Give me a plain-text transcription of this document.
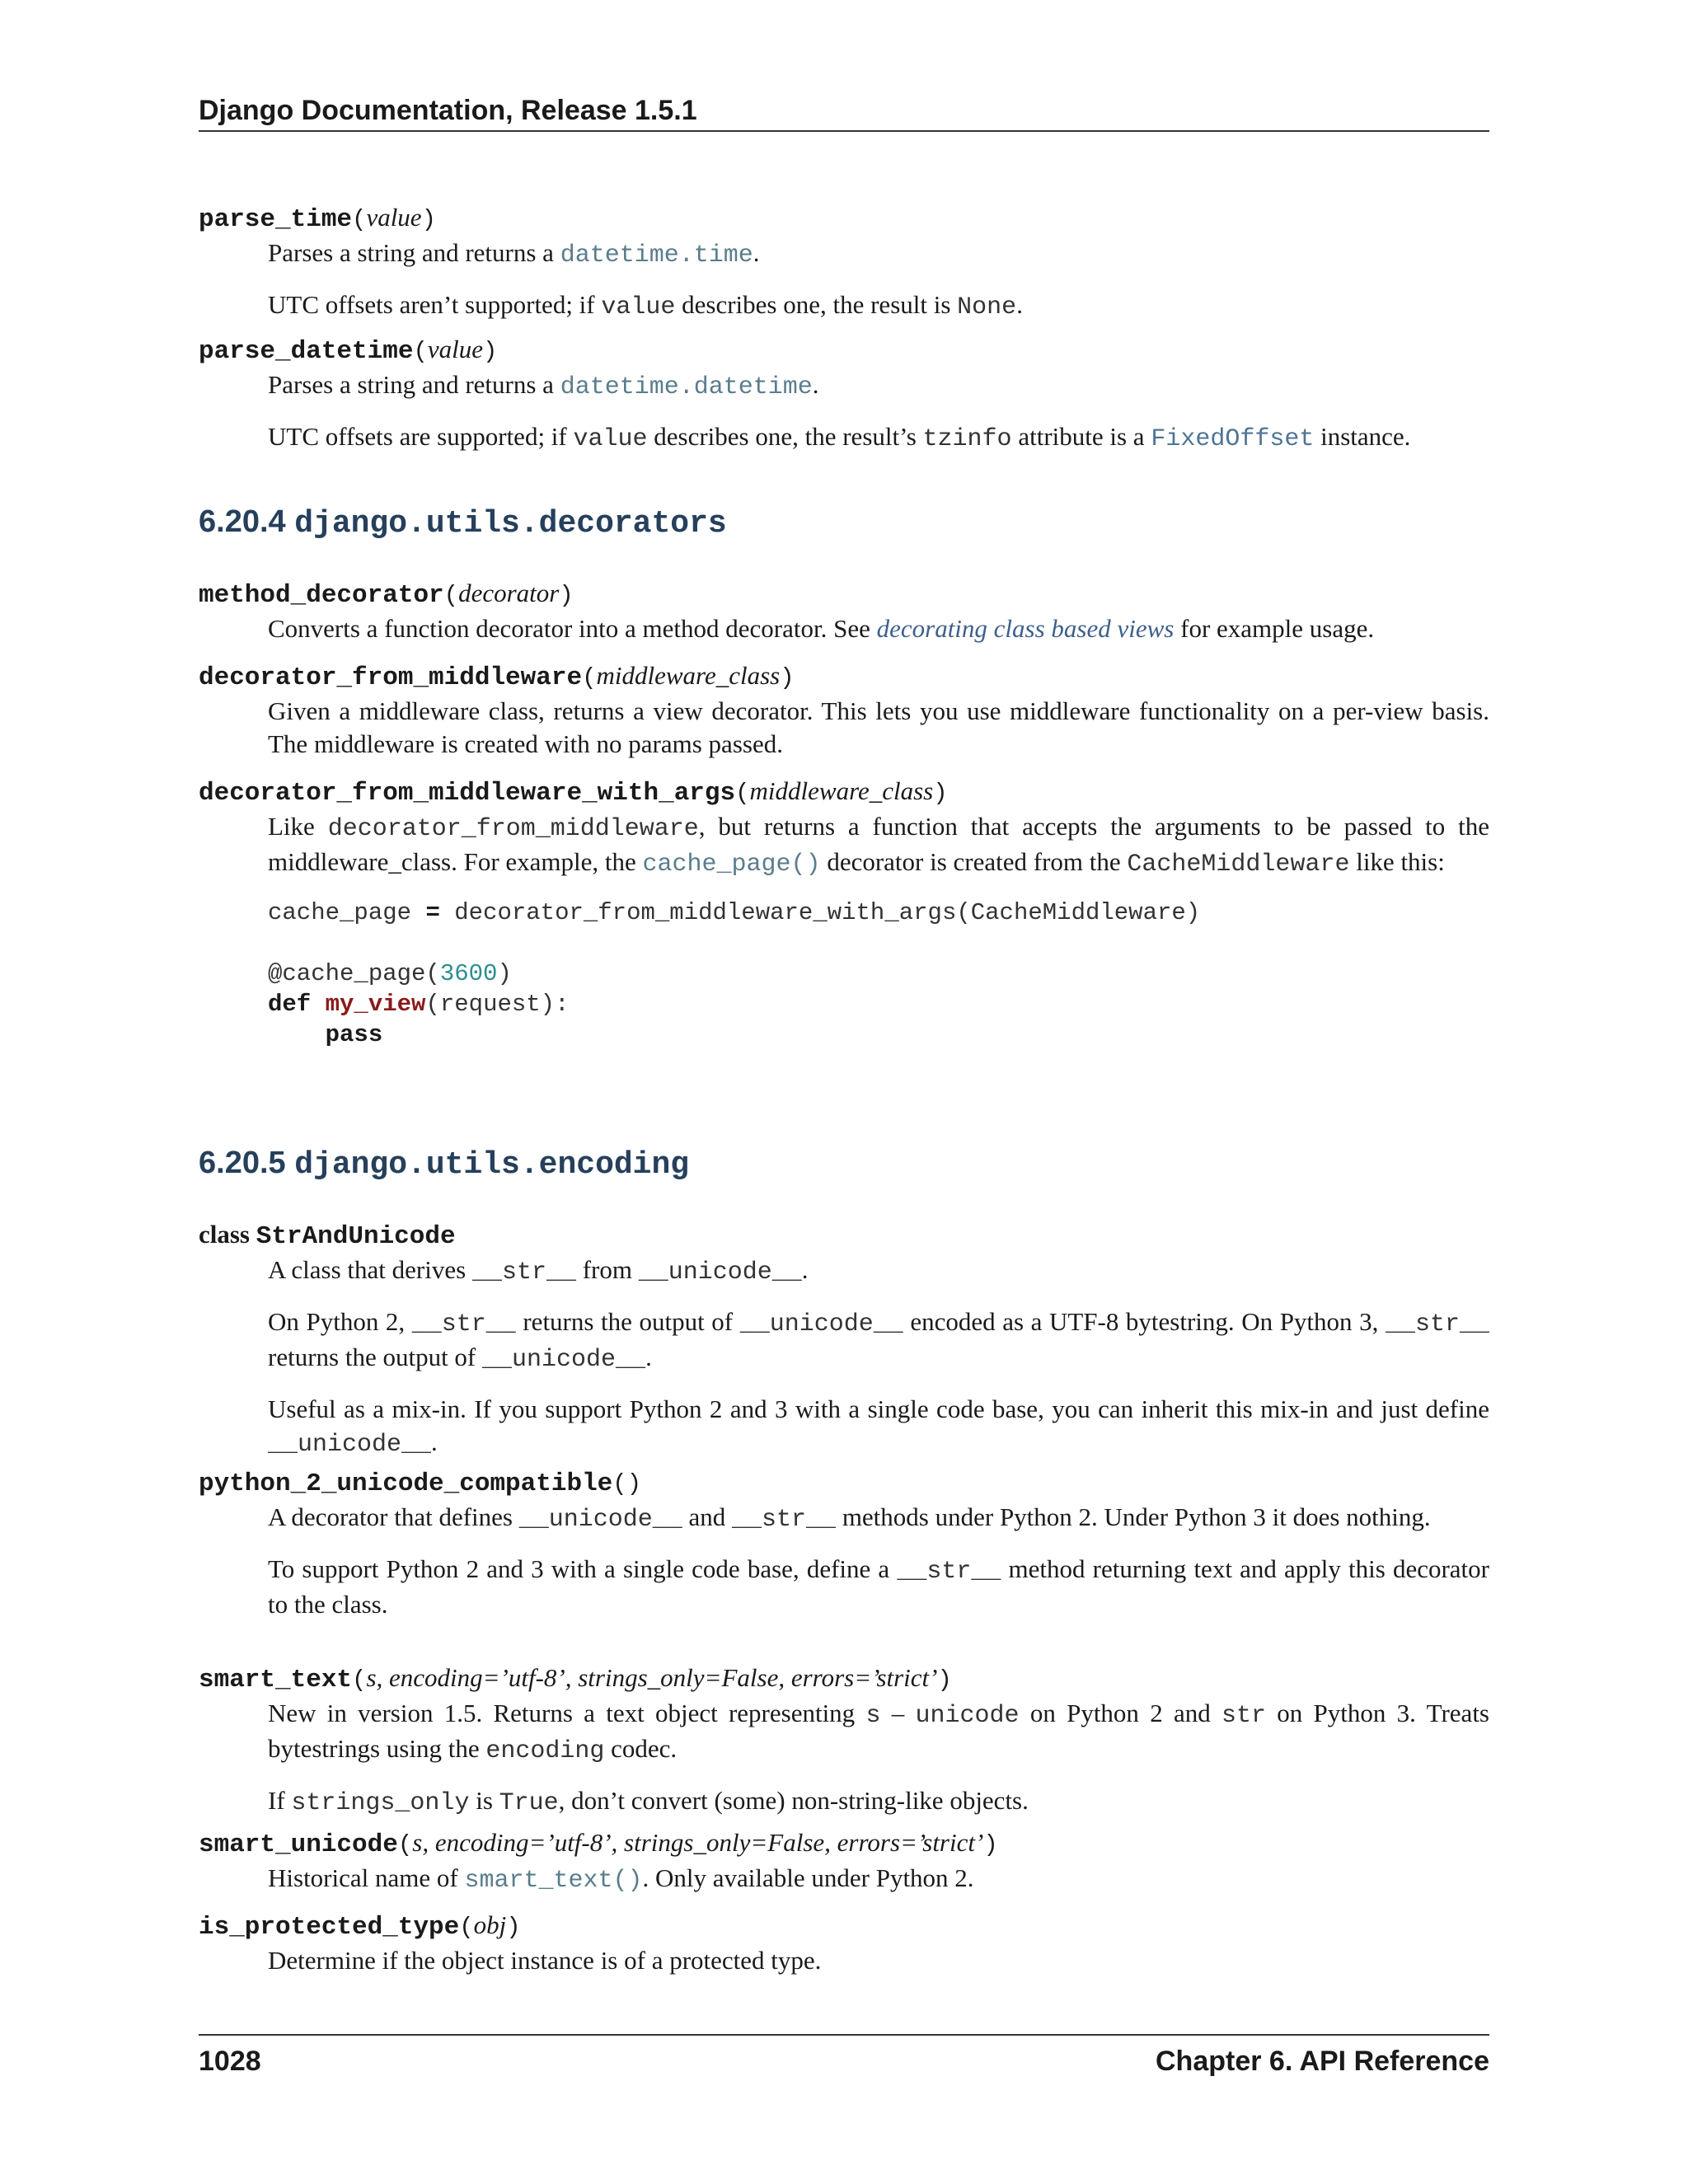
Django Documentation, Release 1.5.1
parse_time(value)

Parses a string and returns a datetime.time.

UTC offsets aren’t supported; if value describes one, the result is None.

parse_datetime(value)

Parses a string and returns a datetime.datetime.

UTC offsets are supported; if value describes one, the result’s tzinfo attribute is a FixedOffset instance.

6.20.4 django.utils.decorators
method_decorator(decorator)

Converts a function decorator into a method decorator. See decorating class based views for example usage.

decorator_from_middleware(middleware_class)

Given a middleware class, returns a view decorator. This lets you use middleware functionality on a per-view basis. The middleware is created with no params passed.

decorator_from_middleware_with_args(middleware_class)

Like decorator_from_middleware, but returns a function that accepts the arguments to be passed to the middleware_class. For example, the cache_page() decorator is created from the CacheMiddleware like this:

cache_page = decorator_from_middleware_with_args(CacheMiddleware)

@cache_page(3600)
def my_view(request):
pass
6.20.5 django.utils.encoding
class StrAndUnicode

A class that derives __str__ from __unicode__.

On Python 2, __str__ returns the output of __unicode__ encoded as a UTF-8 bytestring. On Python 3, __str__ returns the output of __unicode__.

Useful as a mix-in. If you support Python 2 and 3 with a single code base, you can inherit this mix-in and just define __unicode__.

python_2_unicode_compatible()

A decorator that defines __unicode__ and __str__ methods under Python 2. Under Python 3 it does nothing.

To support Python 2 and 3 with a single code base, define a __str__ method returning text and apply this decorator to the class.

smart_text(s, encoding=’utf-8’, strings_only=False, errors=’strict’)

New in version 1.5. Returns a text object representing s – unicode on Python 2 and str on Python 3. Treats bytestrings using the encoding codec.

If strings_only is True, don’t convert (some) non-string-like objects.

smart_unicode(s, encoding=’utf-8’, strings_only=False, errors=’strict’)

Historical name of smart_text(). Only available under Python 2.

is_protected_type(obj)

Determine if the object instance is of a protected type.

1028	Chapter 6. API Reference
